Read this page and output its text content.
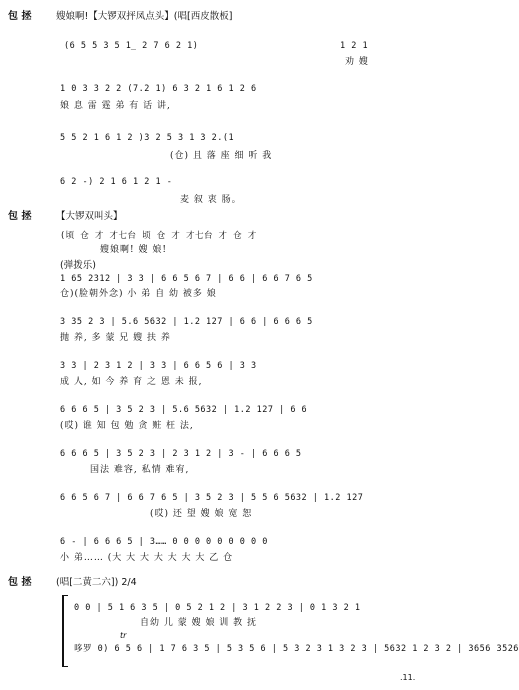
包 拯	嫂娘啊!【大锣双抨凤点头】(唱[西皮散板]
(6 5 5 3 5 1̲ 2 7 6 2 1)	1 2 1
劝 嫂
1 0 3 3 2 2 (7.2 1) 6 3 2 1 6 1 2 6
娘 息 雷 霆 弟 有 话 讲,
5 5 2 1 6 1 2 )3 2 5 3 1 3 2.(1
(仓) 且 落 座 细 听 我
6 2 -) 2 1 6 1 2 1 -
麦 叙 衷 肠。
包 拯	【大锣双叫头】
(顷 仓 才 才七台 顷 仓 才 才七台 才 仓 才
嫂娘啊! 嫂 娘!
(弹拨乐)
1 65 2312 | 3 3 | 6 6 5 6 7 | 6 6 | 6 6 7 6 5
仓)(脸朝外念) 小 弟 自 幼 被多 娘
3 35 2 3 | 5.6 5632 | 1.2 127 | 6 6 | 6 6 6 5
抛 养, 多 蒙 兄 嫂 扶 养
3 3 | 2 3 1 2 | 3 3 | 6 6 5 6 | 3 3
成 人, 如 今 养 育 之 恩 未 报,
6 6 6 5 | 3 5 2 3 | 5.6 5632 | 1.2 127 | 6 6
(哎) 谁 知 包 勉 贪 赃 枉 法,
6 6 6 5 | 3 5 2 3 | 2 3 1 2 | 3 - | 6 6 6 5
国法 难容, 私情 难宥,
6 6 5 6 7 | 6 6 7 6 5 | 3 5 2 3 | 5 5 6 5632 | 1.2 127
(哎) 还 望 嫂 娘 宽 恕
6 - | 6 6 6 5 | 3…… 0 0 0 0 0 0 0 0 0
小 弟…… (大 大 大 大 大 大 大 乙 仓
包 拯	(唱[二黄二六]) 2/4
0 0 | 5 1 6 3 5 | 0 5 2 1 2 | 3 1 2 2 3 | 0 1 3 2 1
自幼 儿 蒙 嫂 娘 训 教 抚
tr
哆罗 0) 6 5 6 | 1 7 6 3 5 | 5 3 5 6 | 5 3 2 3 1 3 2 3 | 5632 1 2 3 2 | 3656 3526
.11.
